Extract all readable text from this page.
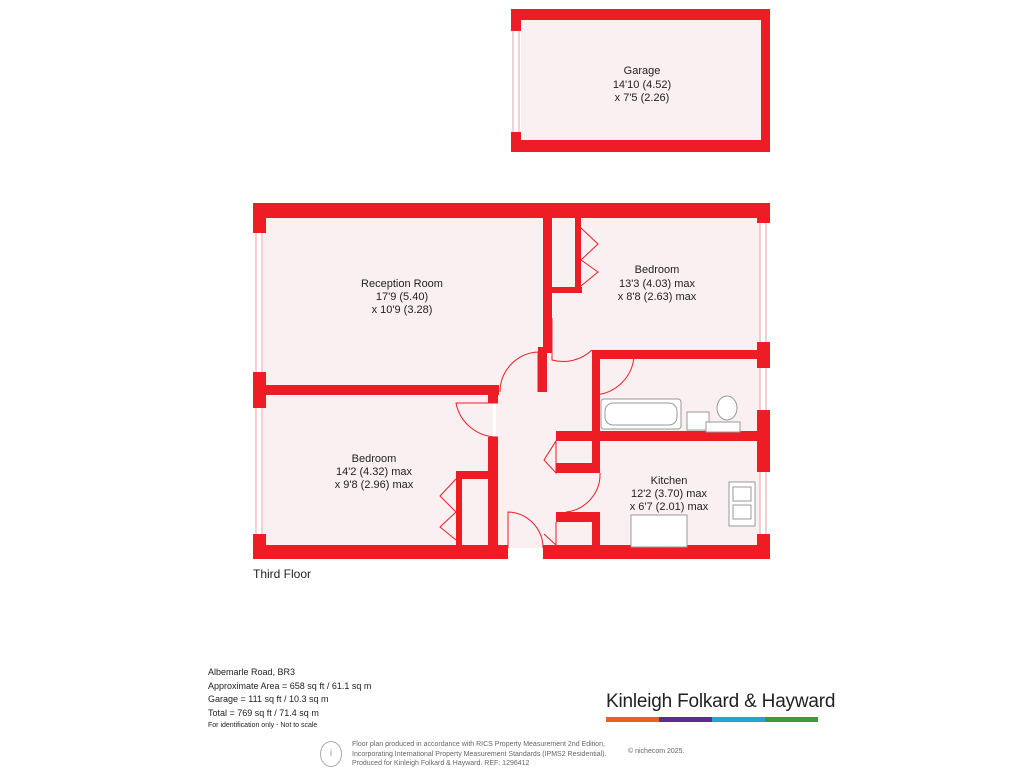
Garage
14'10 (4.52)
x 7'5 (2.26)
Reception Room
17'9 (5.40)
x 10'9 (3.28)
Bedroom
13'3 (4.03) max
x 8'8 (2.63) max
Bedroom
14'2 (4.32) max
x 9'8 (2.96) max	Kitchen
12'2 (3.70) max
x 6'7 (2.01) max
Third Floor
Albemarle Road, BR3
Approximate Area = 658 sq ft / 61.1 sq m
Garage = 111 sq ft / 10.3 sq m
Total = 769 sq ft / 71.4 sq m
For identification only - Not to scale
Kinleigh Folkard & Hayward
i
Floor plan produced in accordance with RICS Property Measurement 2nd Edition,
Incorporating International Property Measurement Standards (IPMS2 Residential).
Produced for Kinleigh Folkard & Hayward. REF: 1296412
© nichecom 2025.
